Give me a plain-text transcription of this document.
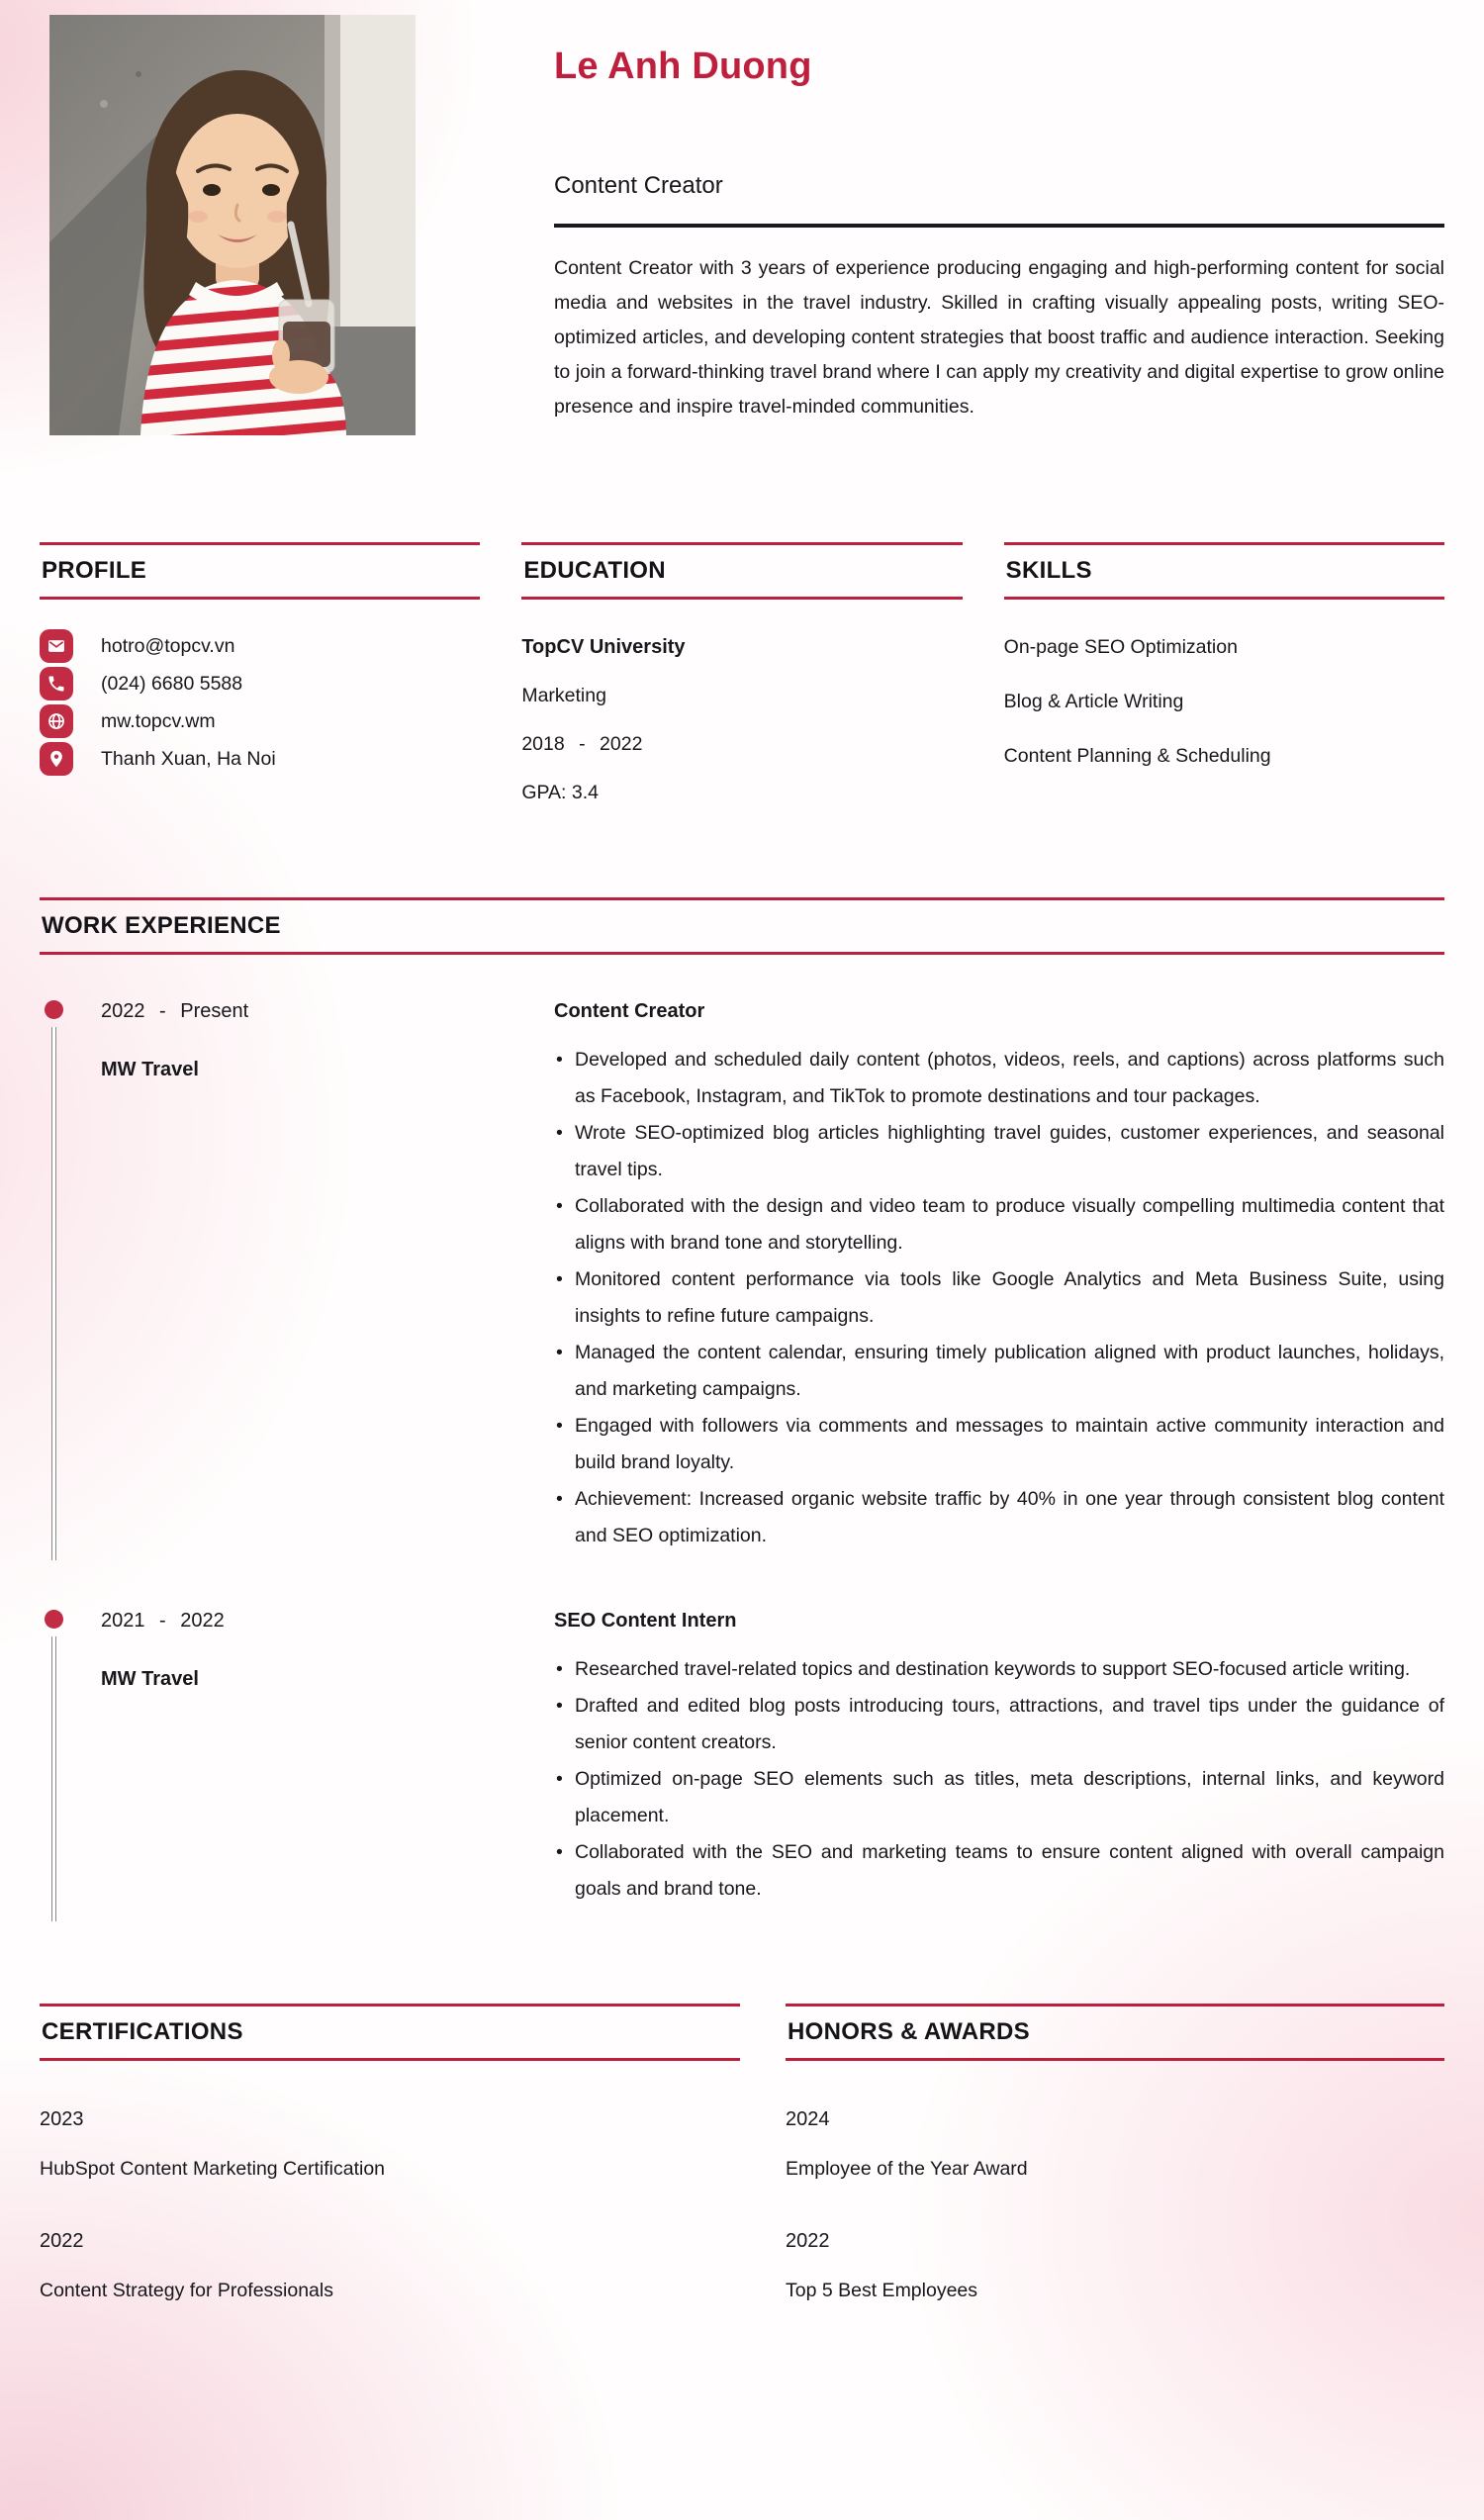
Le Anh Duong
Content Creator

Content Creator with 3 years of experience producing engaging and high-performing content for social media and websites in the travel industry. Skilled in crafting visually appealing posts, writing SEO-optimized articles, and developing content strategies that boost traffic and audience interaction. Seeking to join a forward-thinking travel brand where I can apply my creativity and digital expertise to grow online presence and inspire travel-minded communities.

PROFILE
hotro@topcv.vn
(024) 6680 5588
mw.topcv.wm
Thanh Xuan, Ha Noi
EDUCATION
TopCV University
Marketing
2018 - 2022
GPA: 3.4
SKILLS
On-page SEO Optimization
Blog & Article Writing
Content Planning & Scheduling
WORK EXPERIENCE
2022 - Present
MW Travel
Content Creator
• Developed and scheduled daily content (photos, videos, reels, and captions) across platforms such as Facebook, Instagram, and TikTok to promote destinations and tour packages.
• Wrote SEO-optimized blog articles highlighting travel guides, customer experiences, and seasonal travel tips.
• Collaborated with the design and video team to produce visually compelling multimedia content that aligns with brand tone and storytelling.
• Monitored content performance via tools like Google Analytics and Meta Business Suite, using insights to refine future campaigns.
• Managed the content calendar, ensuring timely publication aligned with product launches, holidays, and marketing campaigns.
• Engaged with followers via comments and messages to maintain active community interaction and build brand loyalty.
• Achievement: Increased organic website traffic by 40% in one year through consistent blog content and SEO optimization.
2021 - 2022
MW Travel
SEO Content Intern
• Researched travel-related topics and destination keywords to support SEO-focused article writing.
• Drafted and edited blog posts introducing tours, attractions, and travel tips under the guidance of senior content creators.
• Optimized on-page SEO elements such as titles, meta descriptions, internal links, and keyword placement.
• Collaborated with the SEO and marketing teams to ensure content aligned with overall campaign goals and brand tone.
CERTIFICATIONS
2023
HubSpot Content Marketing Certification
2022
Content Strategy for Professionals
HONORS & AWARDS
2024
Employee of the Year Award
2022
Top 5 Best Employees
